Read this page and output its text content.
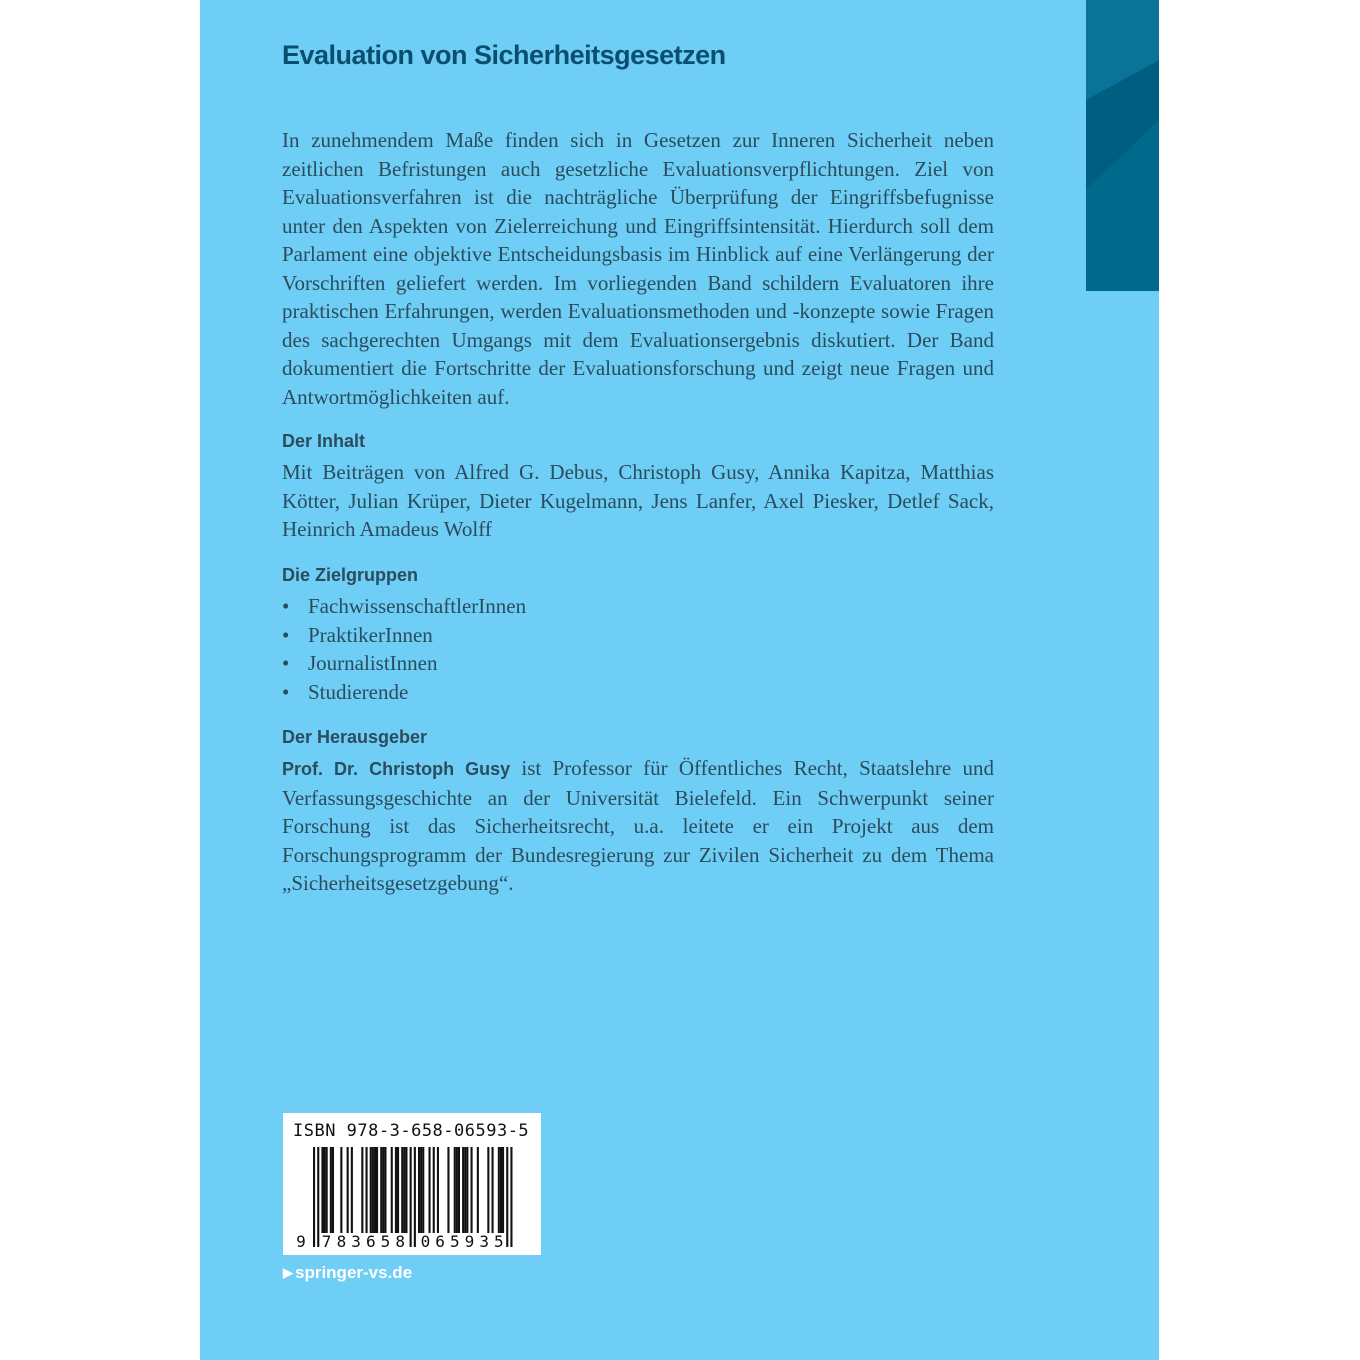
Evaluation von Sicherheitsgesetzen

In zunehmendem Maße finden sich in Gesetzen zur Inneren Sicherheit neben zeitlichen Befristungen auch gesetzliche Evaluationsverpflichtungen. Ziel von Evaluationsverfahren ist die nachträgliche Überprüfung der Eingriffsbefugnisse unter den Aspekten von Zielerreichung und Eingriffsintensität. Hierdurch soll dem Parlament eine objektive Entscheidungsbasis im Hinblick auf eine Verlängerung der Vorschriften geliefert werden. Im vorliegenden Band schildern Evaluatoren ihre praktischen Erfahrungen, werden Evaluationsmethoden und -konzepte sowie Fragen des sachgerechten Umgangs mit dem Evaluationsergebnis diskutiert. Der Band dokumentiert die Fortschritte der Evaluationsforschung und zeigt neue Fragen und Antwortmöglichkeiten auf.

Der Inhalt

Mit Beiträgen von Alfred G. Debus, Christoph Gusy, Annika Kapitza, Matthias Kötter, Julian Krüper, Dieter Kugelmann, Jens Lanfer, Axel Piesker, Detlef Sack, Heinrich Amadeus Wolff

Die Zielgruppen
• FachwissenschaftlerInnen
• PraktikerInnen
• JournalistInnen
• Studierende
Der Herausgeber

Prof. Dr. Christoph Gusy ist Professor für Öffentliches Recht, Staatslehre und Verfassungsgeschichte an der Universität Bielefeld. Ein Schwerpunkt seiner Forschung ist das Sicherheitsrecht, u.a. leitete er ein Projekt aus dem Forschungsprogramm der Bundesregierung zur Zivilen Sicherheit zu dem Thema „Sicherheitsgesetzgebung“.

ISBN 978-3-658-06593-5

9 7 8 3 6 5 8 0 6 5 9 3 5

▶ springer-vs.de
